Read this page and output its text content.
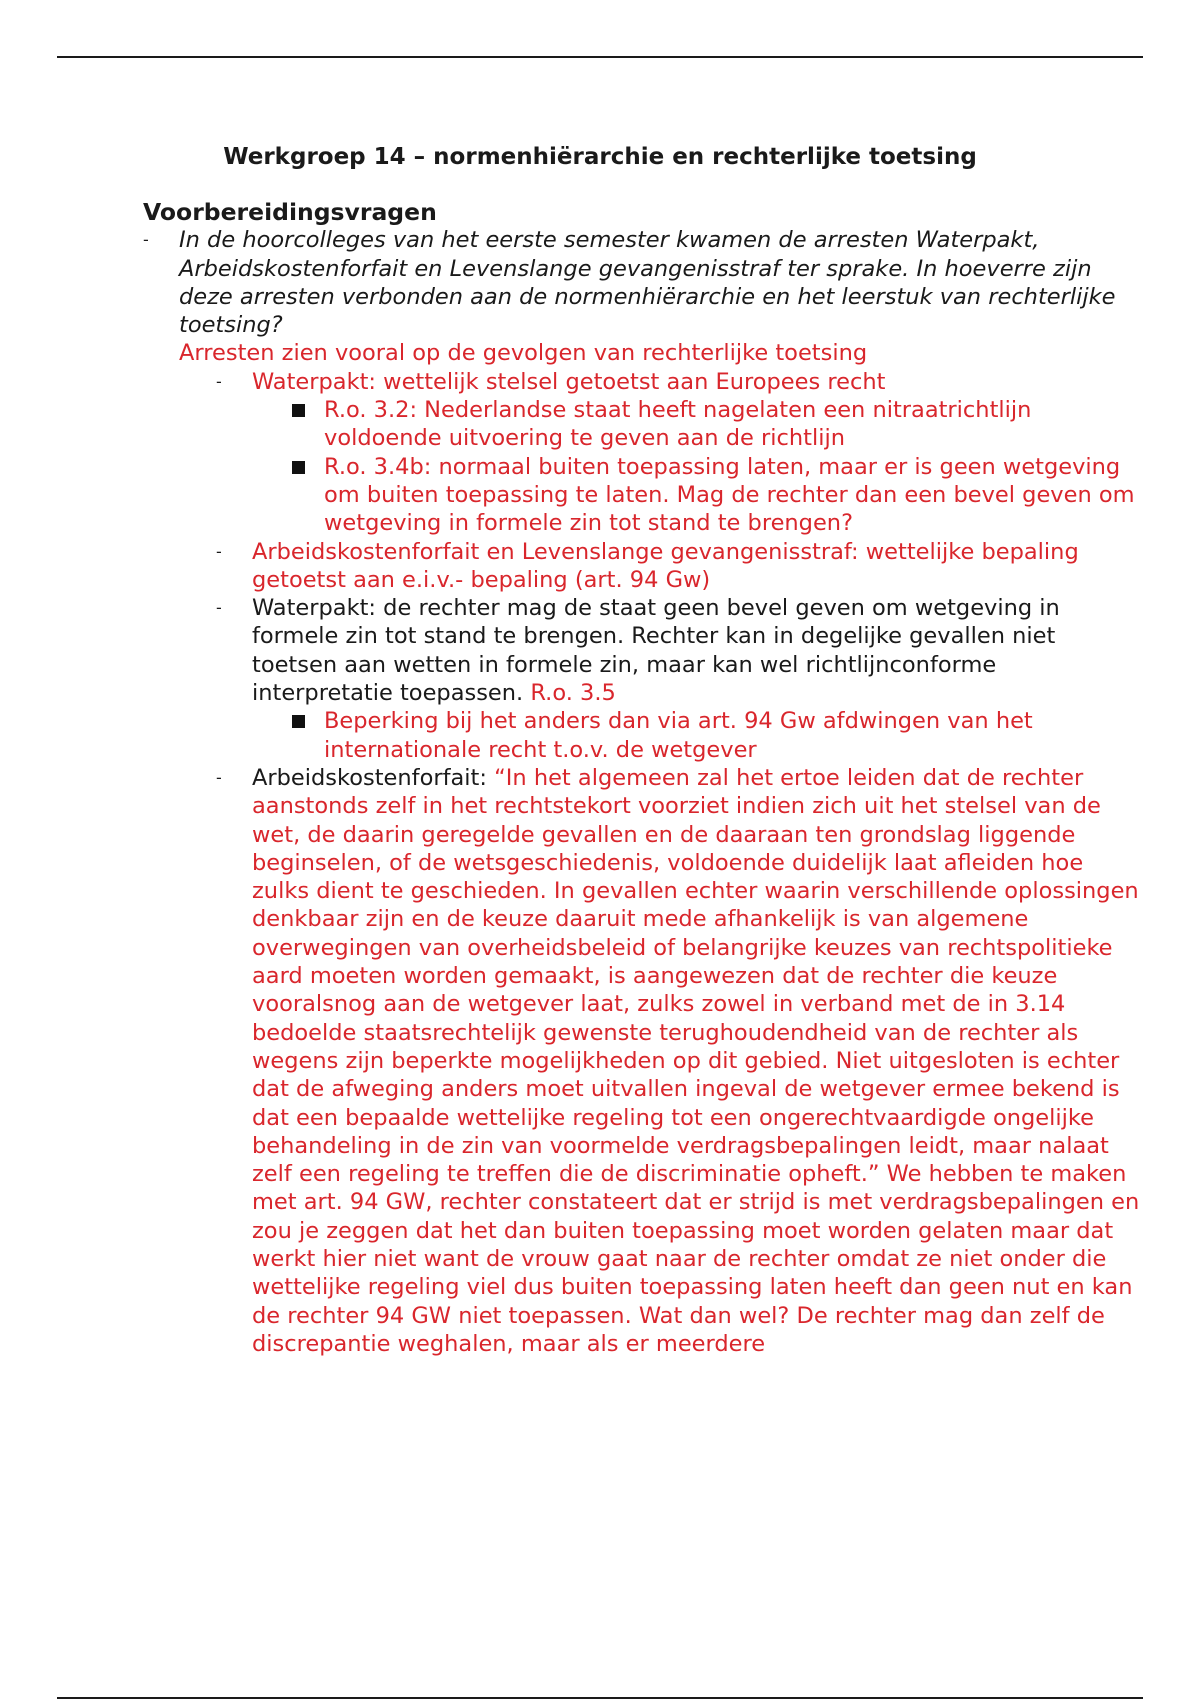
Werkgroep 14 – normenhiërarchie en rechterlijke toetsing

Voorbereidingsvragen

- In de hoorcolleges van het eerste semester kwamen de arresten Waterpakt, Arbeidskostenforfait en Levenslange gevangenisstraf ter sprake. In hoeverre zijn deze arresten verbonden aan de normenhiërarchie en het leerstuk van rechterlijke toetsing?

Arresten zien vooral op de gevolgen van rechterlijke toetsing

- Waterpakt: wettelijk stelsel getoetst aan Europees recht

R.o. 3.2: Nederlandse staat heeft nagelaten een nitraatrichtlijn voldoende uitvoering te geven aan de richtlijn

R.o. 3.4b: normaal buiten toepassing laten, maar er is geen wetgeving om buiten toepassing te laten. Mag de rechter dan een bevel geven om wetgeving in formele zin tot stand te brengen?

- Arbeidskostenforfait en Levenslange gevangenisstraf: wettelijke bepaling getoetst aan e.i.v.- bepaling (art. 94 Gw)

- Waterpakt: de rechter mag de staat geen bevel geven om wetgeving in formele zin tot stand te brengen. Rechter kan in degelijke gevallen niet toetsen aan wetten in formele zin, maar kan wel richtlijnconforme interpretatie toepassen. R.o. 3.5

Beperking bij het anders dan via art. 94 Gw afdwingen van het internationale recht t.o.v. de wetgever

- Arbeidskostenforfait: “In het algemeen zal het ertoe leiden dat de rechter aanstonds zelf in het rechtstekort voorziet indien zich uit het stelsel van de wet, de daarin geregelde gevallen en de daaraan ten grondslag liggende beginselen, of de wetsgeschiedenis, voldoende duidelijk laat afleiden hoe zulks dient te geschieden. In gevallen echter waarin verschillende oplossingen denkbaar zijn en de keuze daaruit mede afhankelijk is van algemene overwegingen van overheidsbeleid of belangrijke keuzes van rechtspolitieke aard moeten worden gemaakt, is aangewezen dat de rechter die keuze vooralsnog aan de wetgever laat, zulks zowel in verband met de in 3.14 bedoelde staatsrechtelijk gewenste terughoudendheid van de rechter als wegens zijn beperkte mogelijkheden op dit gebied. Niet uitgesloten is echter dat de afweging anders moet uitvallen ingeval de wetgever ermee bekend is dat een bepaalde wettelijke regeling tot een ongerechtvaardigde ongelijke behandeling in de zin van voormelde verdragsbepalingen leidt, maar nalaat zelf een regeling te treffen die de discriminatie opheft.” We hebben te maken met art. 94 GW, rechter constateert dat er strijd is met verdragsbepalingen en zou je zeggen dat het dan buiten toepassing moet worden gelaten maar dat werkt hier niet want de vrouw gaat naar de rechter omdat ze niet onder die wettelijke regeling viel dus buiten toepassing laten heeft dan geen nut en kan de rechter 94 GW niet toepassen. Wat dan wel? De rechter mag dan zelf de discrepantie weghalen, maar als er meerdere
